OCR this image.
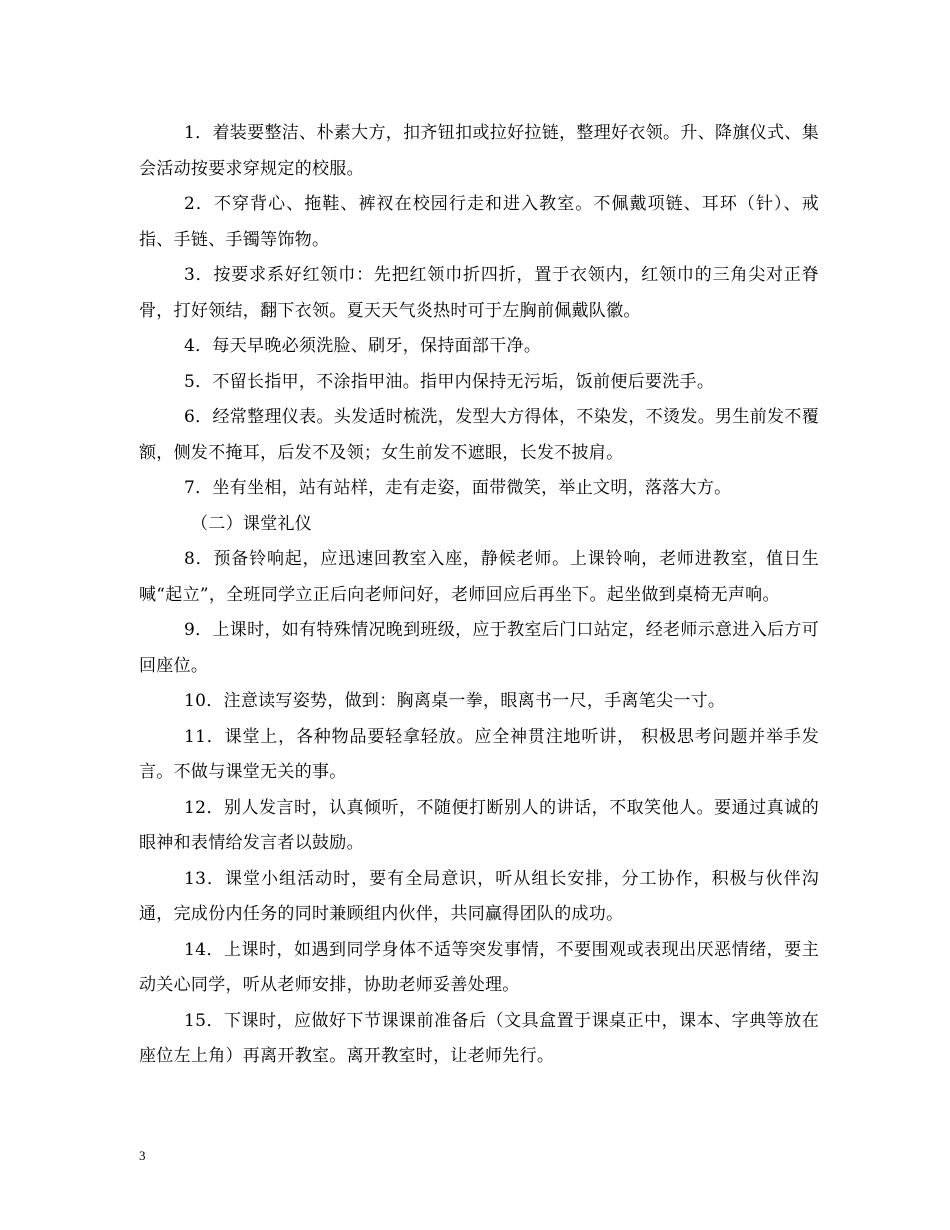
1．着装要整洁、朴素大方，扣齐钮扣或拉好拉链，整理好衣领。升、降旗仪式、集会活动按要求穿规定的校服。

2．不穿背心、拖鞋、裤衩在校园行走和进入教室。不佩戴项链、耳环（针）、戒指、手链、手镯等饰物。

3．按要求系好红领巾：先把红领巾折四折，置于衣领内，红领巾的三角尖对正脊骨，打好领结，翻下衣领。夏天天气炎热时可于左胸前佩戴队徽。

4．每天早晚必须洗脸、刷牙，保持面部干净。

5．不留长指甲，不涂指甲油。指甲内保持无污垢，饭前便后要洗手。

6．经常整理仪表。头发适时梳洗，发型大方得体，不染发，不烫发。男生前发不覆额，侧发不掩耳，后发不及领；女生前发不遮眼，长发不披肩。

7．坐有坐相，站有站样，走有走姿，面带微笑，举止文明，落落大方。

（二）课堂礼仪

8．预备铃响起，应迅速回教室入座，静候老师。上课铃响，老师进教室，值日生喊“起立”，全班同学立正后向老师问好，老师回应后再坐下。起坐做到桌椅无声响。

9．上课时，如有特殊情况晚到班级，应于教室后门口站定，经老师示意进入后方可回座位。

10．注意读写姿势，做到：胸离桌一拳，眼离书一尺，手离笔尖一寸。

11．课堂上，各种物品要轻拿轻放。应全神贯注地听讲， 积极思考问题并举手发言。不做与课堂无关的事。

12．别人发言时，认真倾听，不随便打断别人的讲话，不取笑他人。要通过真诚的眼神和表情给发言者以鼓励。

13．课堂小组活动时，要有全局意识，听从组长安排，分工协作，积极与伙伴沟通，完成份内任务的同时兼顾组内伙伴，共同赢得团队的成功。

14．上课时，如遇到同学身体不适等突发事情，不要围观或表现出厌恶情绪，要主动关心同学，听从老师安排，协助老师妥善处理。

15．下课时，应做好下节课课前准备后（文具盒置于课桌正中，课本、字典等放在座位左上角）再离开教室。离开教室时，让老师先行。

3
